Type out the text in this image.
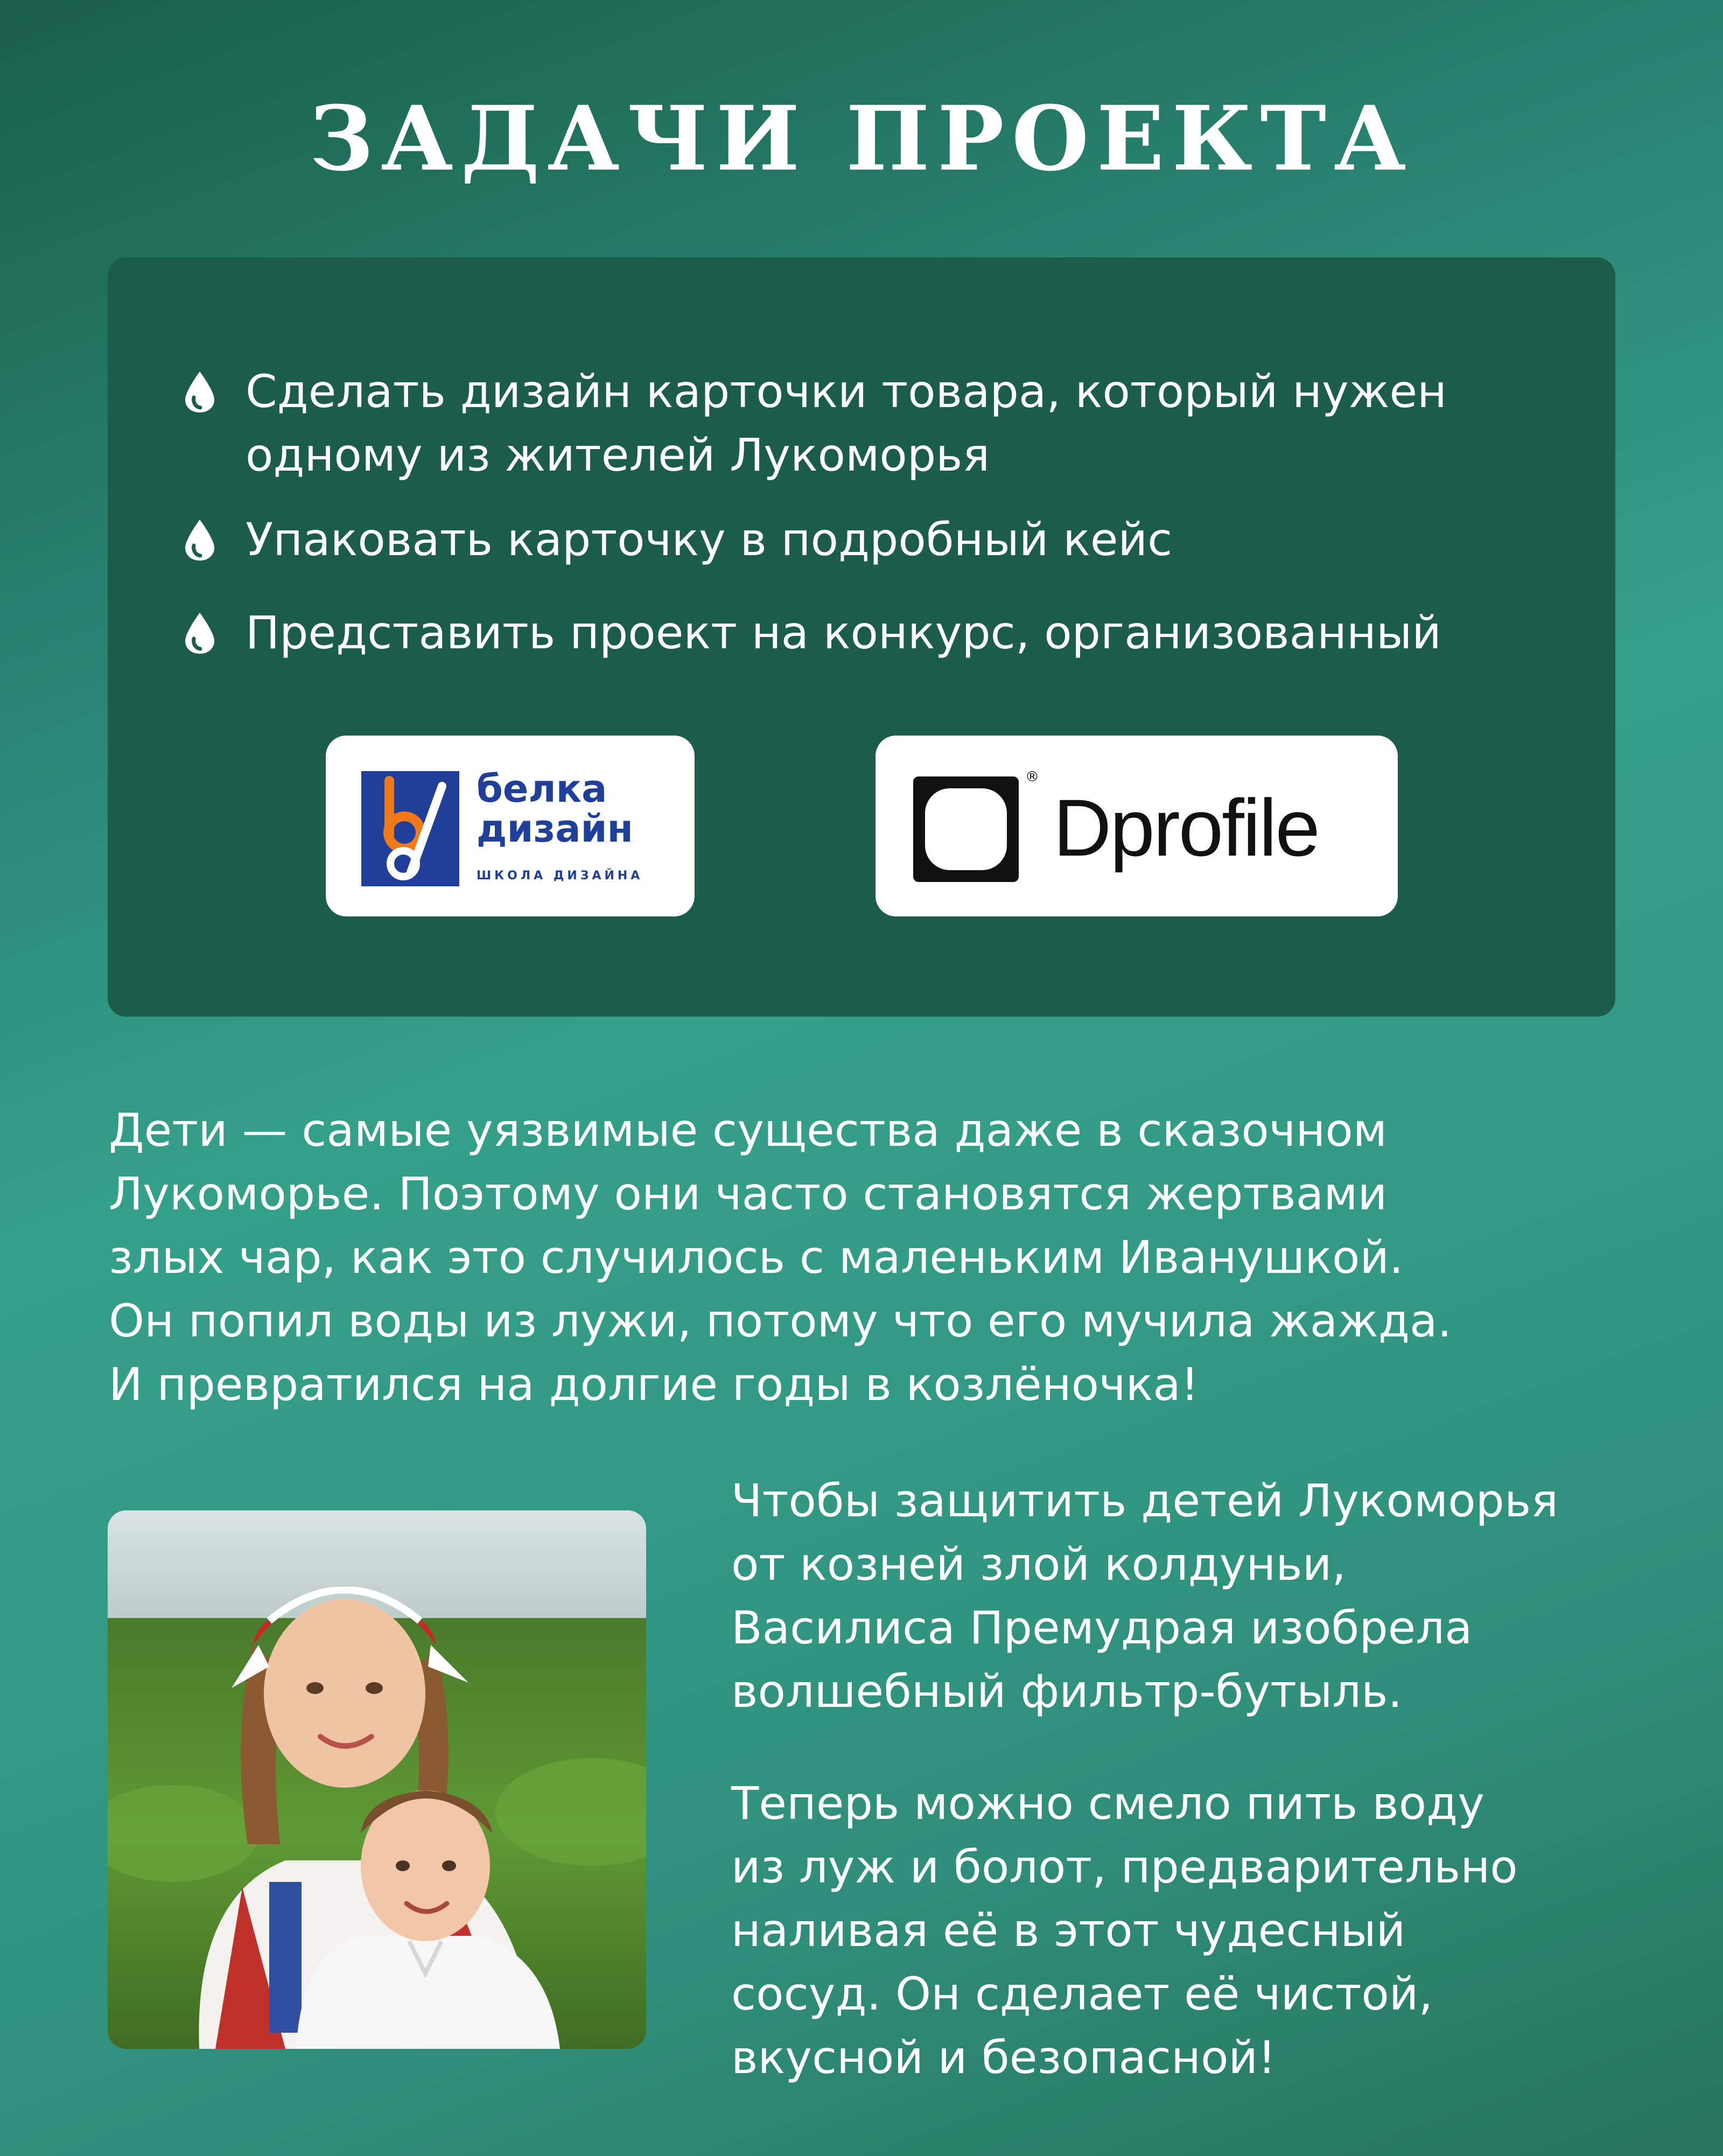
ЗАДАЧИ ПРОЕКТА
Сделать дизайн карточки товара, который нужен
одному из жителей Лукоморья
Упаковать карточку в подробный кейс
Представить проект на конкурс, организованный
белка
дизайн
ШКОЛА ДИЗАЙНА
®
Dprofile

Дети — самые уязвимые существа даже в сказочном
Лукоморье. Поэтому они часто становятся жертвами
злых чар, как это случилось с маленьким Иванушкой.
Он попил воды из лужи, потому что его мучила жажда.
И превратился на долгие годы в козлёночка!

Чтобы защитить детей Лукоморья
от козней злой колдуньи,
Василиса Премудрая изобрела
волшебный фильтр-бутыль.

Теперь можно смело пить воду
из луж и болот, предварительно
наливая её в этот чудесный
сосуд. Он сделает её чистой,
вкусной и безопасной!
